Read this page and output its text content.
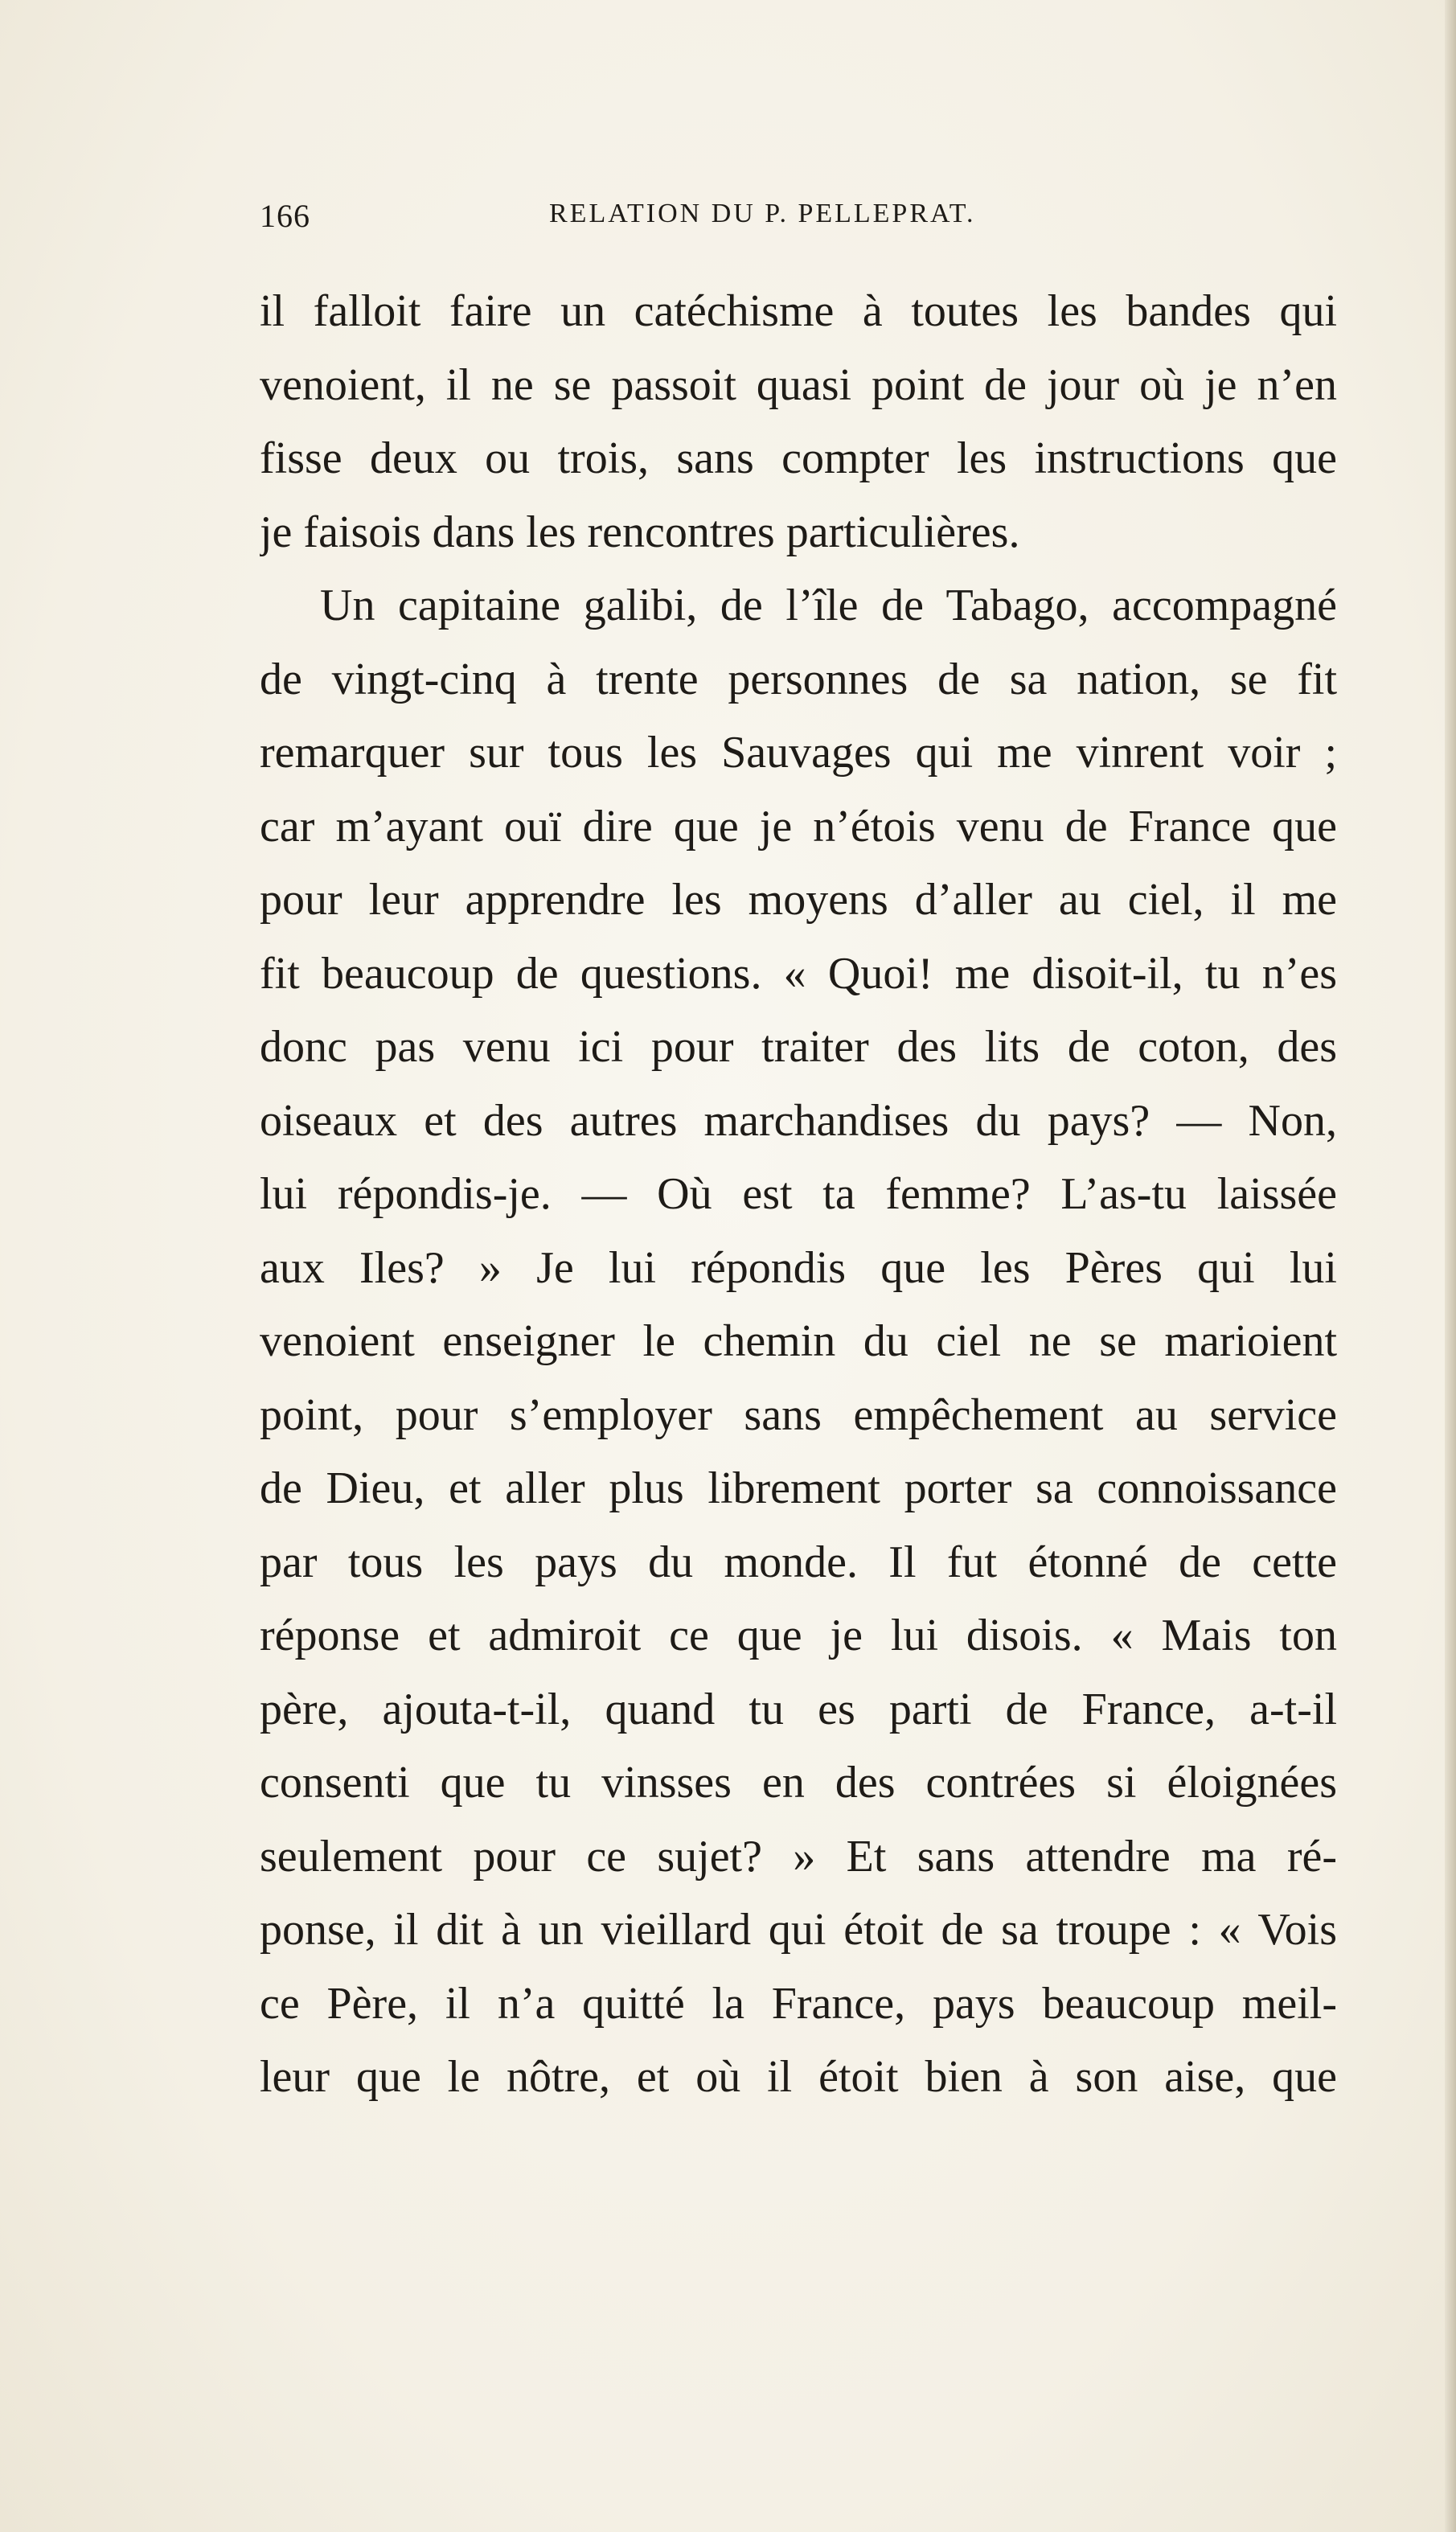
166	RELATION DU P. PELLEPRAT.
il falloit faire un catéchisme à toutes les bandes qui
venoient, il ne se passoit quasi point de jour où je n’en
fisse deux ou trois, sans compter les instructions que
je faisois dans les rencontres particulières.
Un capitaine galibi, de l’île de Tabago, accompagné
de vingt-cinq à trente personnes de sa nation, se fit
remarquer sur tous les Sauvages qui me vinrent voir ;
car m’ayant ouï dire que je n’étois venu de France que
pour leur apprendre les moyens d’aller au ciel, il me
fit beaucoup de questions. « Quoi! me disoit-il, tu n’es
donc pas venu ici pour traiter des lits de coton, des
oiseaux et des autres marchandises du pays? — Non,
lui répondis-je. — Où est ta femme? L’as-tu laissée
aux Iles? » Je lui répondis que les Pères qui lui
venoient enseigner le chemin du ciel ne se marioient
point, pour s’employer sans empêchement au service
de Dieu, et aller plus librement porter sa connoissance
par tous les pays du monde. Il fut étonné de cette
réponse et admiroit ce que je lui disois. « Mais ton
père, ajouta-t-il, quand tu es parti de France, a-t-il
consenti que tu vinsses en des contrées si éloignées
seulement pour ce sujet? » Et sans attendre ma ré-
ponse, il dit à un vieillard qui étoit de sa troupe : « Vois
ce Père, il n’a quitté la France, pays beaucoup meil-
leur que le nôtre, et où il étoit bien à son aise, que
